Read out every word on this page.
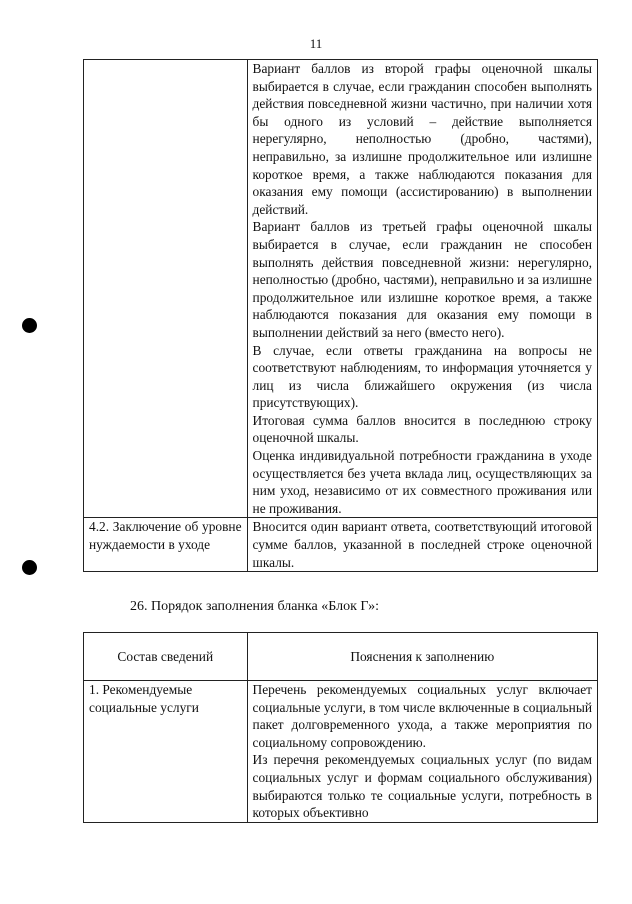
11

	Вариант баллов из второй графы оценочной шкалы выбирается в случае, если гражданин способен выполнять действия повседневной жизни частично, при наличии хотя бы одного из условий – действие выполняется нерегулярно, неполностью (дробно, частями), неправильно, за излишне продолжительное или излишне короткое время, а также наблюдаются показания для оказания ему помощи (ассистированию) в выполнении действий.

Вариант баллов из третьей графы оценочной шкалы выбирается в случае, если гражданин не способен выполнять действия повседневной жизни: нерегулярно, неполностью (дробно, частями), неправильно и за излишне продолжительное или излишне короткое время, а также наблюдаются показания для оказания ему помощи в выполнении действий за него (вместо него).

В случае, если ответы гражданина на вопросы не соответствуют наблюдениям, то информация уточняется у лиц из числа ближайшего окружения (из числа присутствующих).

Итоговая сумма баллов вносится в последнюю строку оценочной шкалы.

Оценка индивидуальной потребности гражданина в уходе осуществляется без учета вклада лиц, осуществляющих за ним уход, независимо от их совместного проживания или не проживания.

4.2. Заключение об уровне нуждаемости в уходе	Вносится один вариант ответа, соответствующий итоговой сумме баллов, указанной в последней строке оценочной шкалы.

26. Порядок заполнения бланка «Блок Г»:
Состав сведений	Пояснения к заполнению
1. Рекомендуемые социальные услуги	Перечень рекомендуемых социальных услуг включает социальные услуги, в том числе включенные в социальный пакет долговременного ухода, а также мероприятия по социальному сопровождению.

Из перечня рекомендуемых социальных услуг (по видам социальных услуг и формам социального обслуживания) выбираются только те социальные услуги, потребность в которых объективно
